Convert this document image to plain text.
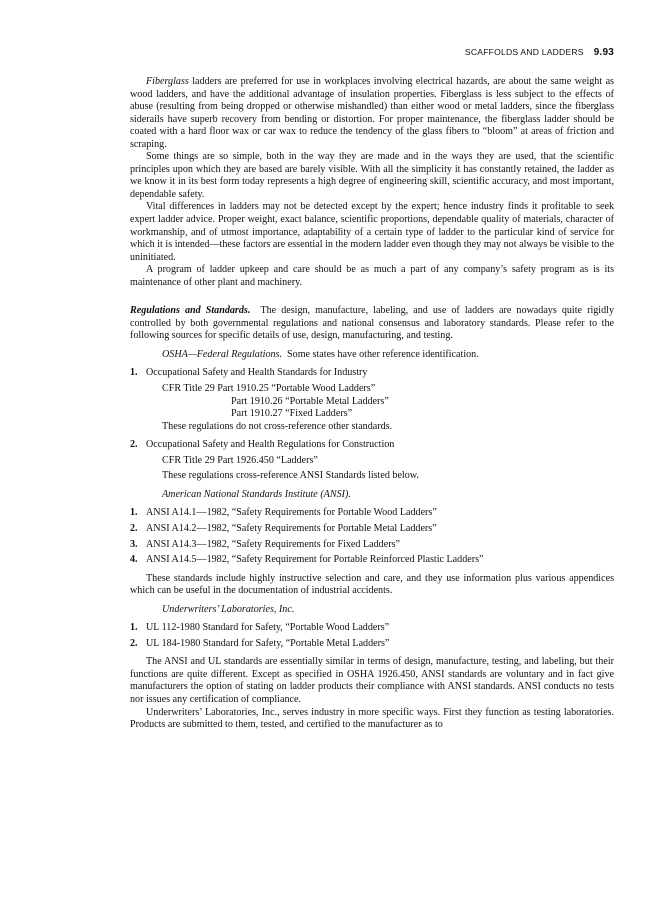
SCAFFOLDS AND LADDERS 9.93

Fiberglass ladders are preferred for use in workplaces involving electrical hazards, are about the same weight as wood ladders, and have the additional advantage of insulation properties. Fiberglass is less subject to the effects of abuse (resulting from being dropped or otherwise mishandled) than either wood or metal ladders, since the fiberglass siderails have superb recovery from bending or distortion. For proper maintenance, the fiberglass ladder should be coated with a hard floor wax or car wax to reduce the tendency of the glass fibers to “bloom” at areas of friction and scraping.

Some things are so simple, both in the way they are made and in the ways they are used, that the scientific principles upon which they are based are barely visible. With all the simplicity it has constantly retained, the ladder as we know it in its best form today represents a high degree of engineering skill, scientific accuracy, and most important, dependable safety.

Vital differences in ladders may not be detected except by the expert; hence industry finds it profitable to seek expert ladder advice. Proper weight, exact balance, scientific proportions, dependable quality of materials, character of workmanship, and of utmost importance, adaptability of a certain type of ladder to the particular kind of service for which it is intended—these factors are essential in the modern ladder even though they may not always be visible to the uninitiated.

A program of ladder upkeep and care should be as much a part of any company’s safety program as is its maintenance of other plant and machinery.

Regulations and Standards. The design, manufacture, labeling, and use of ladders are nowadays quite rigidly controlled by both governmental regulations and national consensus and laboratory standards. Please refer to the following sources for specific details of use, design, manufacturing, and testing.

OSHA—Federal Regulations. Some states have other reference identification.

1. Occupational Safety and Health Standards for Industry

CFR Title 29 Part 1910.25 “Portable Wood Ladders”

Part 1910.26 “Portable Metal Ladders”

Part 1910.27 “Fixed Ladders”

These regulations do not cross-reference other standards.

2. Occupational Safety and Health Regulations for Construction

CFR Title 29 Part 1926.450 “Ladders”

These regulations cross-reference ANSI Standards listed below.

American National Standards Institute (ANSI).

1. ANSI A14.1—1982, “Safety Requirements for Portable Wood Ladders”
2. ANSI A14.2—1982, “Safety Requirements for Portable Metal Ladders”
3. ANSI A14.3—1982, “Safety Requirements for Fixed Ladders”
4. ANSI A14.5—1982, “Safety Requirement for Portable Reinforced Plastic Ladders”

These standards include highly instructive selection and care, and they use information plus various appendices which can be useful in the documentation of industrial accidents.

Underwriters’ Laboratories, Inc.

1. UL 112-1980 Standard for Safety, “Portable Wood Ladders”
2. UL 184-1980 Standard for Safety, “Portable Metal Ladders”

The ANSI and UL standards are essentially similar in terms of design, manufacture, testing, and labeling, but their functions are quite different. Except as specified in OSHA 1926.450, ANSI standards are voluntary and in fact give manufacturers the option of stating on ladder products their compliance with ANSI standards. ANSI conducts no tests nor issues any certification of compliance.

Underwriters’ Laboratories, Inc., serves industry in more specific ways. First they function as testing laboratories. Products are submitted to them, tested, and certified to the manufacturer as to
